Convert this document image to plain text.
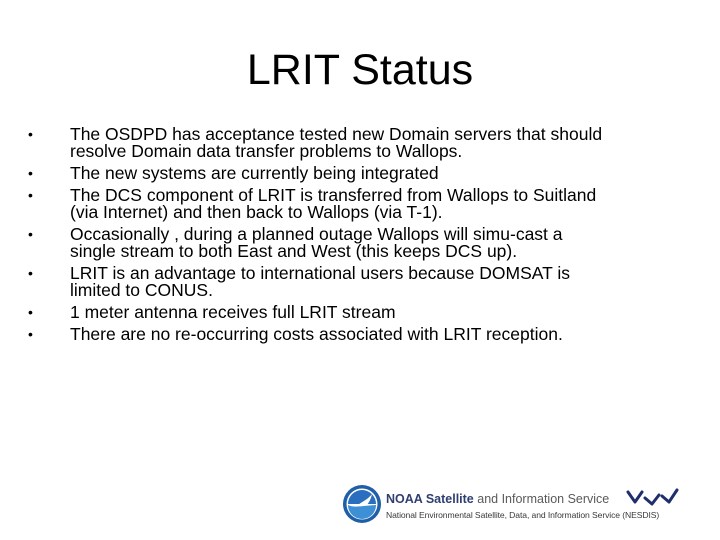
LRIT Status
•	The OSDPD has acceptance tested new Domain servers that should
resolve Domain data transfer problems to Wallops.
•	The new systems are currently being integrated
•	The DCS component of LRIT is transferred from Wallops to Suitland
(via Internet) and then back to Wallops (via T-1).
•	Occasionally , during a planned outage Wallops will simu-cast a
single stream to both East and West (this keeps DCS up).
•	LRIT is an advantage to international users because DOMSAT is
limited to CONUS.
•	1 meter antenna receives full LRIT stream
•	There are no re-occurring costs associated with LRIT reception.
NOAA Satellite and Information Service
National Environmental Satellite, Data, and Information Service (NESDIS)
